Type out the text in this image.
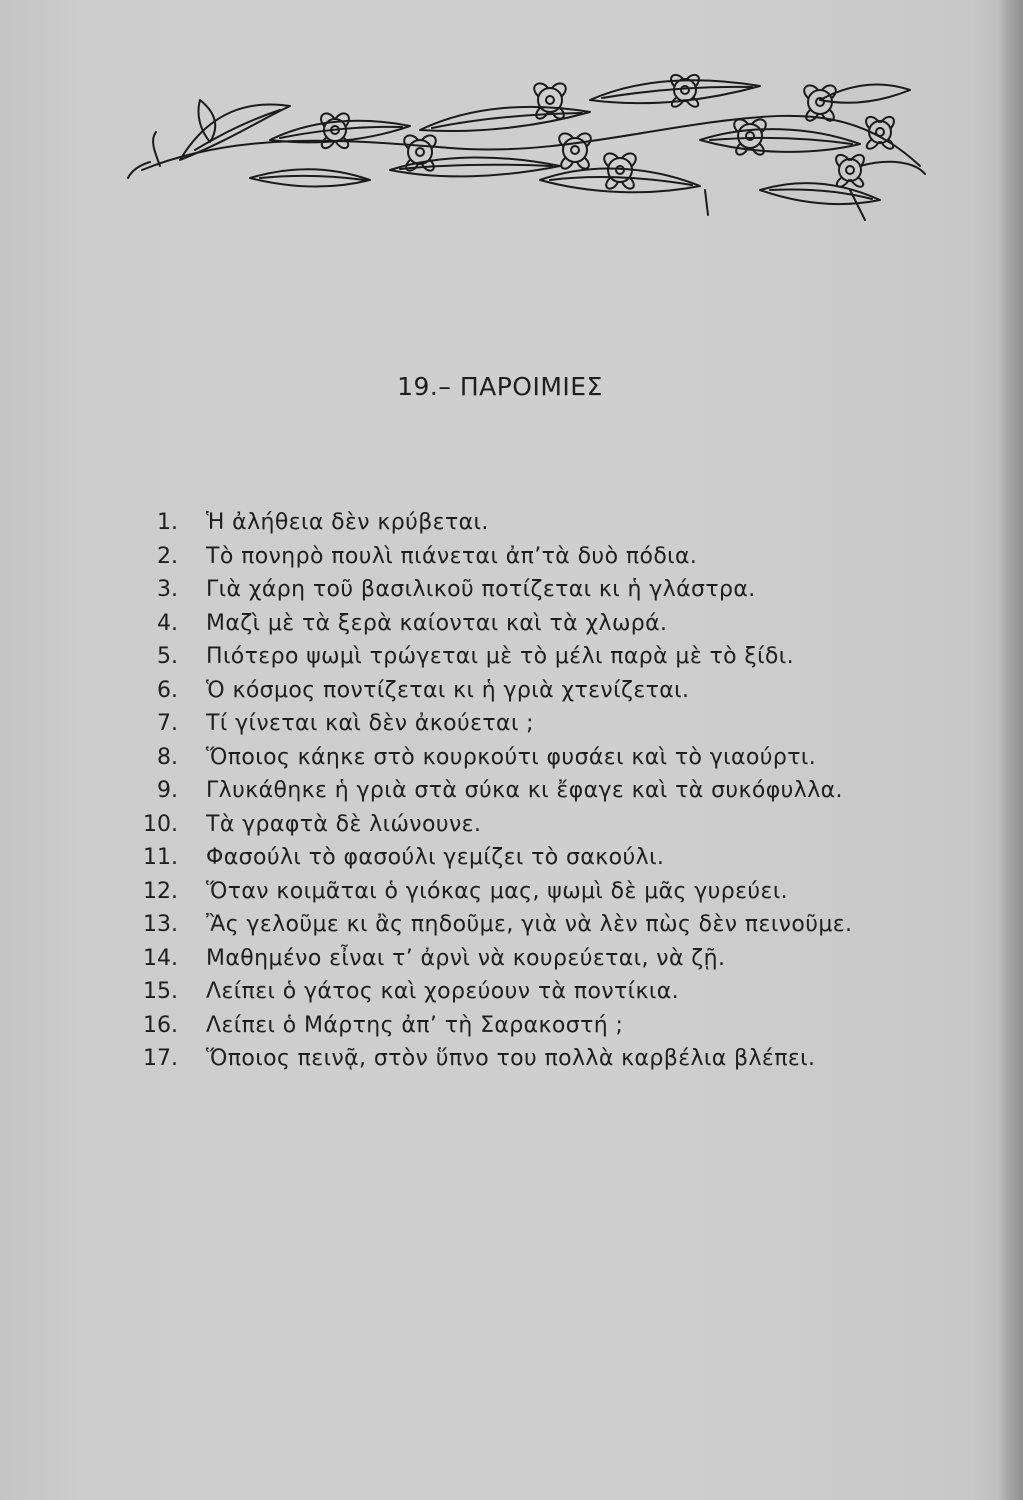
19.– ΠΑΡΟΙΜΙΕΣ
1. Ἡ ἀλήθεια δὲν κρύβεται.
2. Τὸ πονηρὸ πουλὶ πιάνεται ἀπ’τὰ δυὸ πόδια.
3. Γιὰ χάρη τοῦ βασιλικοῦ ποτίζεται κι ἡ γλάστρα.
4. Μαζὶ μὲ τὰ ξερὰ καίονται καὶ τὰ χλωρά.
5. Πιότερο ψωμὶ τρώγεται μὲ τὸ μέλι παρὰ μὲ τὸ ξίδι.
6. Ὁ κόσμος ποντίζεται κι ἡ γριὰ χτενίζεται.
7. Τί γίνεται καὶ δὲν ἀκούεται ;
8. Ὅποιος κάηκε στὸ κουρκούτι φυσάει καὶ τὸ γιαούρτι.
9. Γλυκάθηκε ἡ γριὰ στὰ σύκα κι ἔφαγε καὶ τὰ συκόφυλλα.
10. Τὰ γραφτὰ δὲ λιώνουνε.
11. Φασούλι τὸ φασούλι γεμίζει τὸ σακούλι.
12. Ὅταν κοιμᾶται ὁ γιόκας μας, ψωμὶ δὲ μᾶς γυρεύει.
13. Ἂς γελοῦμε κι ἂς πηδοῦμε, γιὰ νὰ λὲν πὼς δὲν πεινοῦμε.
14. Μαθημένο εἶναι τ’ ἀρνὶ νὰ κουρεύεται, νὰ ζῇ.
15. Λείπει ὁ γάτος καὶ χορεύουν τὰ ποντίκια.
16. Λείπει ὁ Μάρτης ἀπ’ τὴ Σαρακοστή ;
17. Ὅποιος πεινᾷ, στὸν ὕπνο του πολλὰ καρβέλια βλέπει.
